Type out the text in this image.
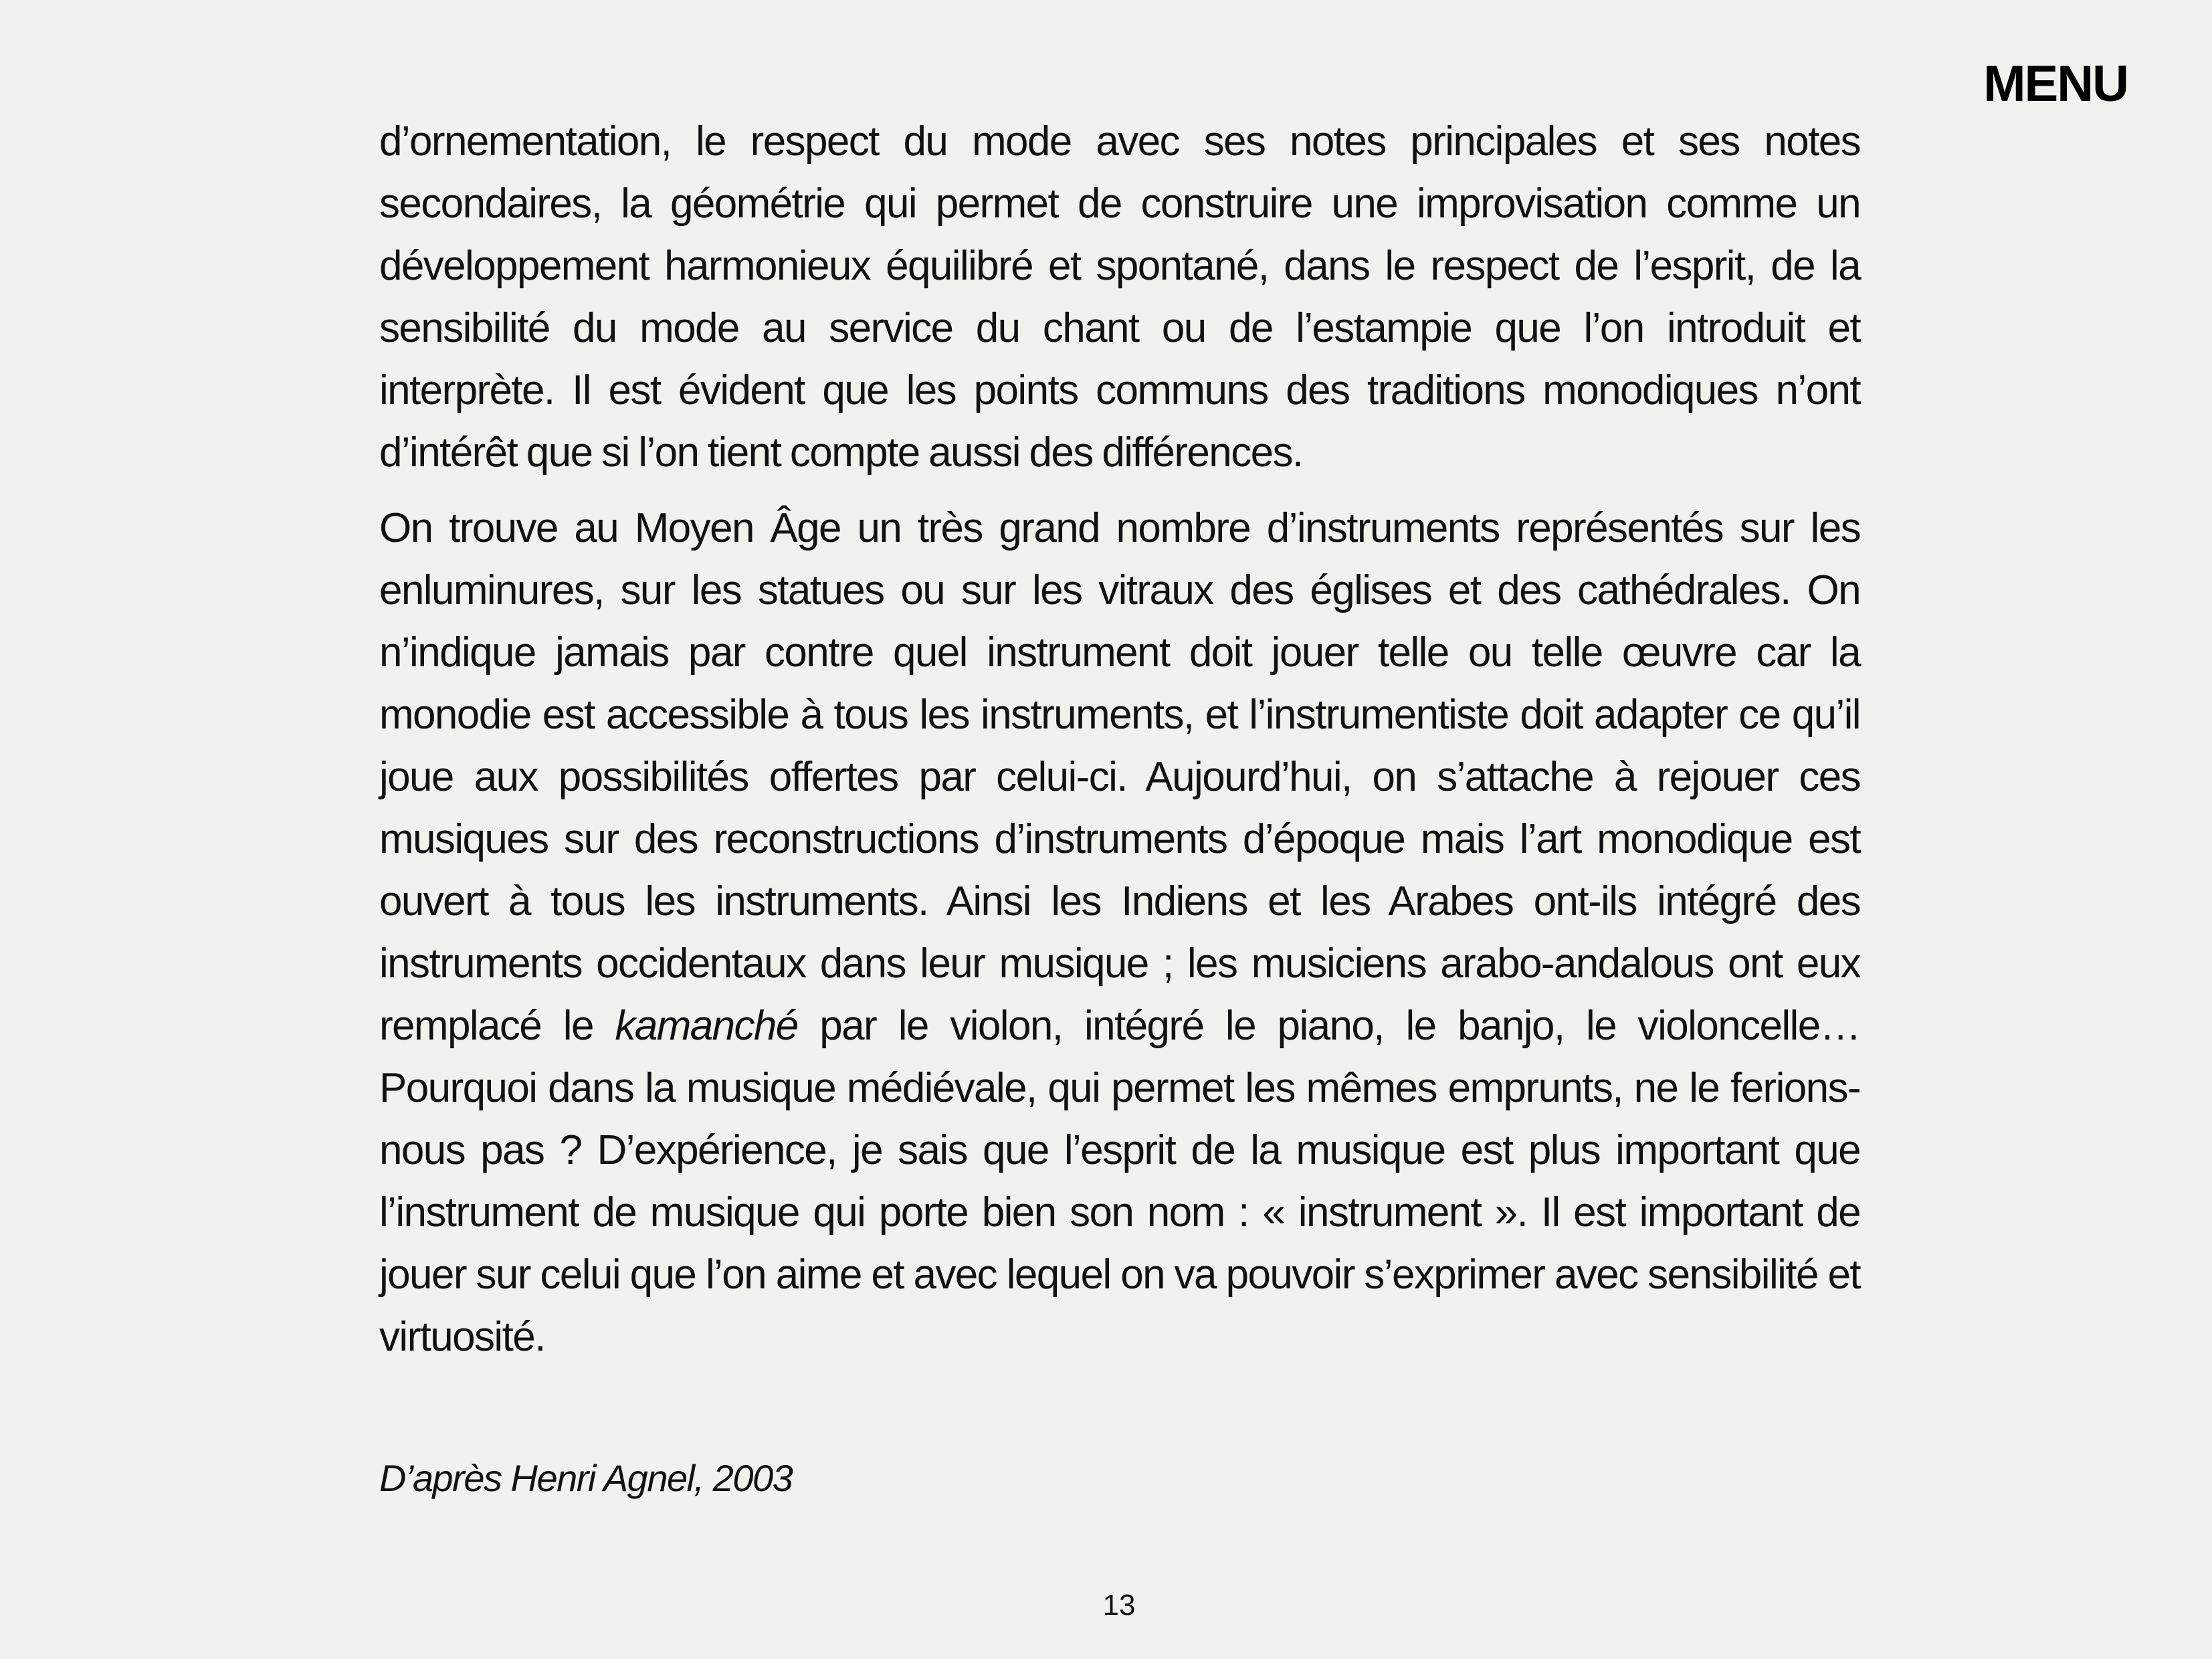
MENU

d’ornementation, le respect du mode avec ses notes principales et ses notes secondaires, la géométrie qui permet de construire une improvisation comme un développement harmonieux équilibré et spontané, dans le respect de l’esprit, de la sensibilité du mode au service du chant ou de l’estampie que l’on introduit et interprète. Il est évident que les points communs des traditions monodiques n’ont d’intérêt que si l’on tient compte aussi des différences.

On trouve au Moyen Âge un très grand nombre d’instruments représentés sur les enluminures, sur les statues ou sur les vitraux des églises et des cathédrales. On n’indique jamais par contre quel instrument doit jouer telle ou telle œuvre car la monodie est accessible à tous les instruments, et l’instrumentiste doit adapter ce qu’il joue aux possibilités offertes par celui-ci. Aujourd’hui, on s’attache à rejouer ces musiques sur des reconstructions d’instruments d’époque mais l’art monodique est ouvert à tous les instruments. Ainsi les Indiens et les Arabes ont-ils intégré des instruments occidentaux dans leur musique ; les musiciens arabo-andalous ont eux remplacé le kamanché par le violon, intégré le piano, le banjo, le violoncelle… Pourquoi dans la musique médiévale, qui permet les mêmes emprunts, ne le ferions-nous pas ? D’expérience, je sais que l’esprit de la musique est plus important que l’instrument de musique qui porte bien son nom : « instrument ». Il est important de jouer sur celui que l’on aime et avec lequel on va pouvoir s’exprimer avec sensibilité et virtuosité.

D’après Henri Agnel, 2003
13
